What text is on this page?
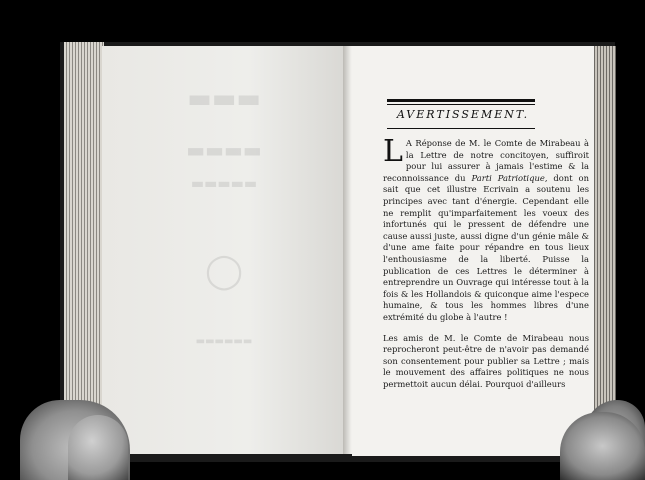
▬▬▬
▬▬▬▬
▬▬▬▬▬
◯
▬▬▬▬▬▬
AVERTISSEMENT.

L A Réponse de M. le Comte de Mirabeau à la Lettre de notre concitoyen, suffiroit pour lui assurer à jamais l'estime & la reconnoissance du Parti Patriotique, dont on sait que cet illustre Ecrivain a soutenu les principes avec tant d'énergie. Cependant elle ne remplit qu'imparfaitement les voeux des infortunés qui le pressent de défendre une cause aussi juste, aussi digne d'un génie mâle & d'une ame faite pour répandre en tous lieux l'enthousiasme de la liberté. Puisse la publication de ces Lettres le déterminer à entreprendre un Ouvrage qui intéresse tout à la fois & les Hollandois & quiconque aime l'espece humaine, & tous les hommes libres d'une extrémité du globe à l'autre !

Les amis de M. le Comte de Mirabeau nous reprocheront peut-être de n'avoir pas demandé son consentement pour publier sa Lettre ; mais le mouvement des affaires politiques ne nous permettoit aucun délai. Pourquoi d'ailleurs
